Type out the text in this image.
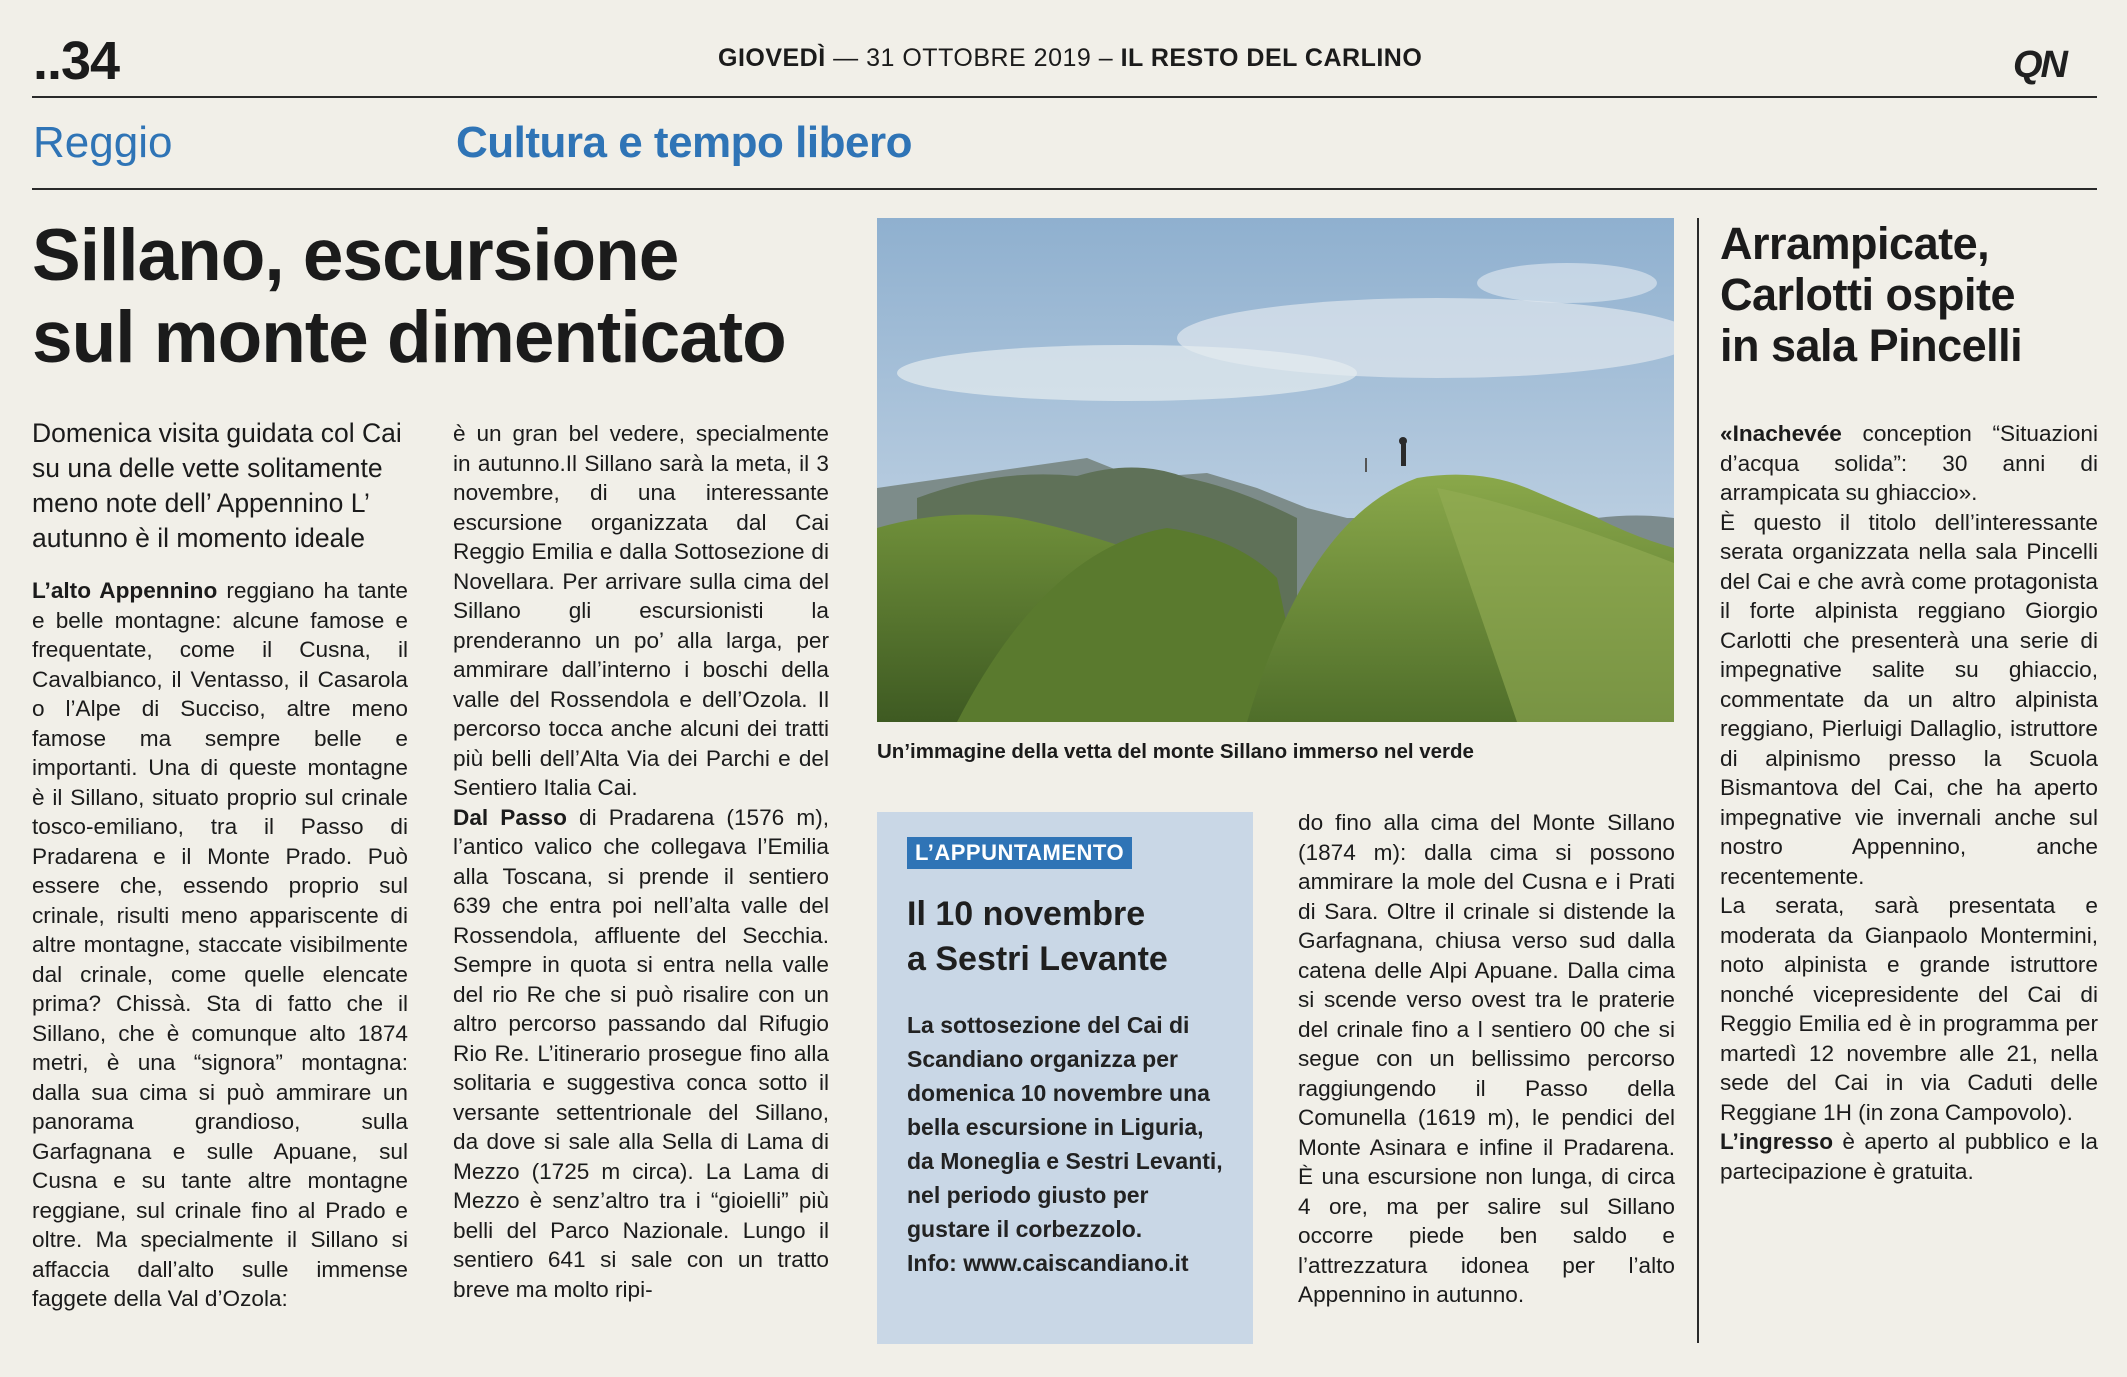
..34	GIOVEDÌ — 31 OTTOBRE 2019 – IL RESTO DEL CARLINO	QN
Reggio	Cultura e tempo libero
Sillano, escursione
sul monte dimenticato
Domenica visita guidata col Cai su una delle vette solitamente meno note dell’ Appennino L’ autunno è il momento ideale

L’alto Appennino reggiano ha tante e belle montagne: alcune famose e frequentate, come il Cusna, il Cavalbianco, il Ventasso, il Casarola o l’Alpe di Succiso, altre meno famose ma sempre belle e importanti. Una di queste montagne è il Sillano, situato proprio sul crinale tosco-emiliano, tra il Passo di Pradarena e il Monte Prado. Può essere che, essendo proprio sul crinale, risulti meno appariscente di altre montagne, staccate visibilmente dal crinale, come quelle elencate prima? Chissà. Sta di fatto che il Sillano, che è comunque alto 1874 metri, è una “signora” montagna: dalla sua cima si può ammirare un panorama grandioso, sulla Garfagnana e sulle Apuane, sul Cusna e su tante altre montagne reggiane, sul crinale fino al Prado e oltre. Ma specialmente il Sillano si affaccia dall’alto sulle immense faggete della Val d’Ozola:

è un gran bel vedere, specialmente in autunno.Il Sillano sarà la meta, il 3 novembre, di una interessante escursione organizzata dal Cai Reggio Emilia e dalla Sottosezione di Novellara. Per arrivare sulla cima del Sillano gli escursionisti la prenderanno un po’ alla larga, per ammirare dall’interno i boschi della valle del Rossendola e dell’Ozola. Il percorso tocca anche alcuni dei tratti più belli dell’Alta Via dei Parchi e del Sentiero Italia Cai.

Dal Passo di Pradarena (1576 m), l’antico valico che collegava l’Emilia alla Toscana, si prende il sentiero 639 che entra poi nell’alta valle del Rossendola, affluente del Secchia. Sempre in quota si entra nella valle del rio Re che si può risalire con un altro percorso passando dal Rifugio Rio Re. L’itinerario prosegue fino alla solitaria e suggestiva conca sotto il versante settentrionale del Sillano, da dove si sale alla Sella di Lama di Mezzo (1725 m circa). La Lama di Mezzo è senz’altro tra i “gioielli” più belli del Parco Nazionale. Lungo il sentiero 641 si sale con un tratto breve ma molto ripi-

Un’immagine della vetta del monte Sillano immerso nel verde
L’APPUNTAMENTO
Il 10 novembre
a Sestri Levante
La sottosezione del Cai di Scandiano organizza per domenica 10 novembre una bella escursione in Liguria, da Moneglia e Sestri Levanti, nel periodo giusto per gustare il corbezzolo.
Info: www.caiscandiano.it

do fino alla cima del Monte Sillano (1874 m): dalla cima si possono ammirare la mole del Cusna e i Prati di Sara. Oltre il crinale si distende la Garfagnana, chiusa verso sud dalla catena delle Alpi Apuane. Dalla cima si scende verso ovest tra le praterie del crinale fino a l sentiero 00 che si segue con un bellissimo percorso raggiungendo il Passo della Comunella (1619 m), le pendici del Monte Asinara e infine il Pradarena. È una escursione non lunga, di circa 4 ore, ma per salire sul Sillano occorre piede ben saldo e l’attrezzatura idonea per l’alto Appennino in autunno.

Arrampicate,
Carlotti ospite
in sala Pincelli

«Inachevée conception “Situazioni d’acqua solida”: 30 anni di arrampicata su ghiaccio».

È questo il titolo dell’interessante serata organizzata nella sala Pincelli del Cai e che avrà come protagonista il forte alpinista reggiano Giorgio Carlotti che presenterà una serie di impegnative salite su ghiaccio, commentate da un altro alpinista reggiano, Pierluigi Dallaglio, istruttore di alpinismo presso la Scuola Bismantova del Cai, che ha aperto impegnative vie invernali anche sul nostro Appennino, anche recentemente.

La serata, sarà presentata e moderata da Gianpaolo Montermini, noto alpinista e grande istruttore nonché vicepresidente del Cai di Reggio Emilia ed è in programma per martedì 12 novembre alle 21, nella sede del Cai in via Caduti delle Reggiane 1H (in zona Campovolo).

L’ingresso è aperto al pubblico e la partecipazione è gratuita.
